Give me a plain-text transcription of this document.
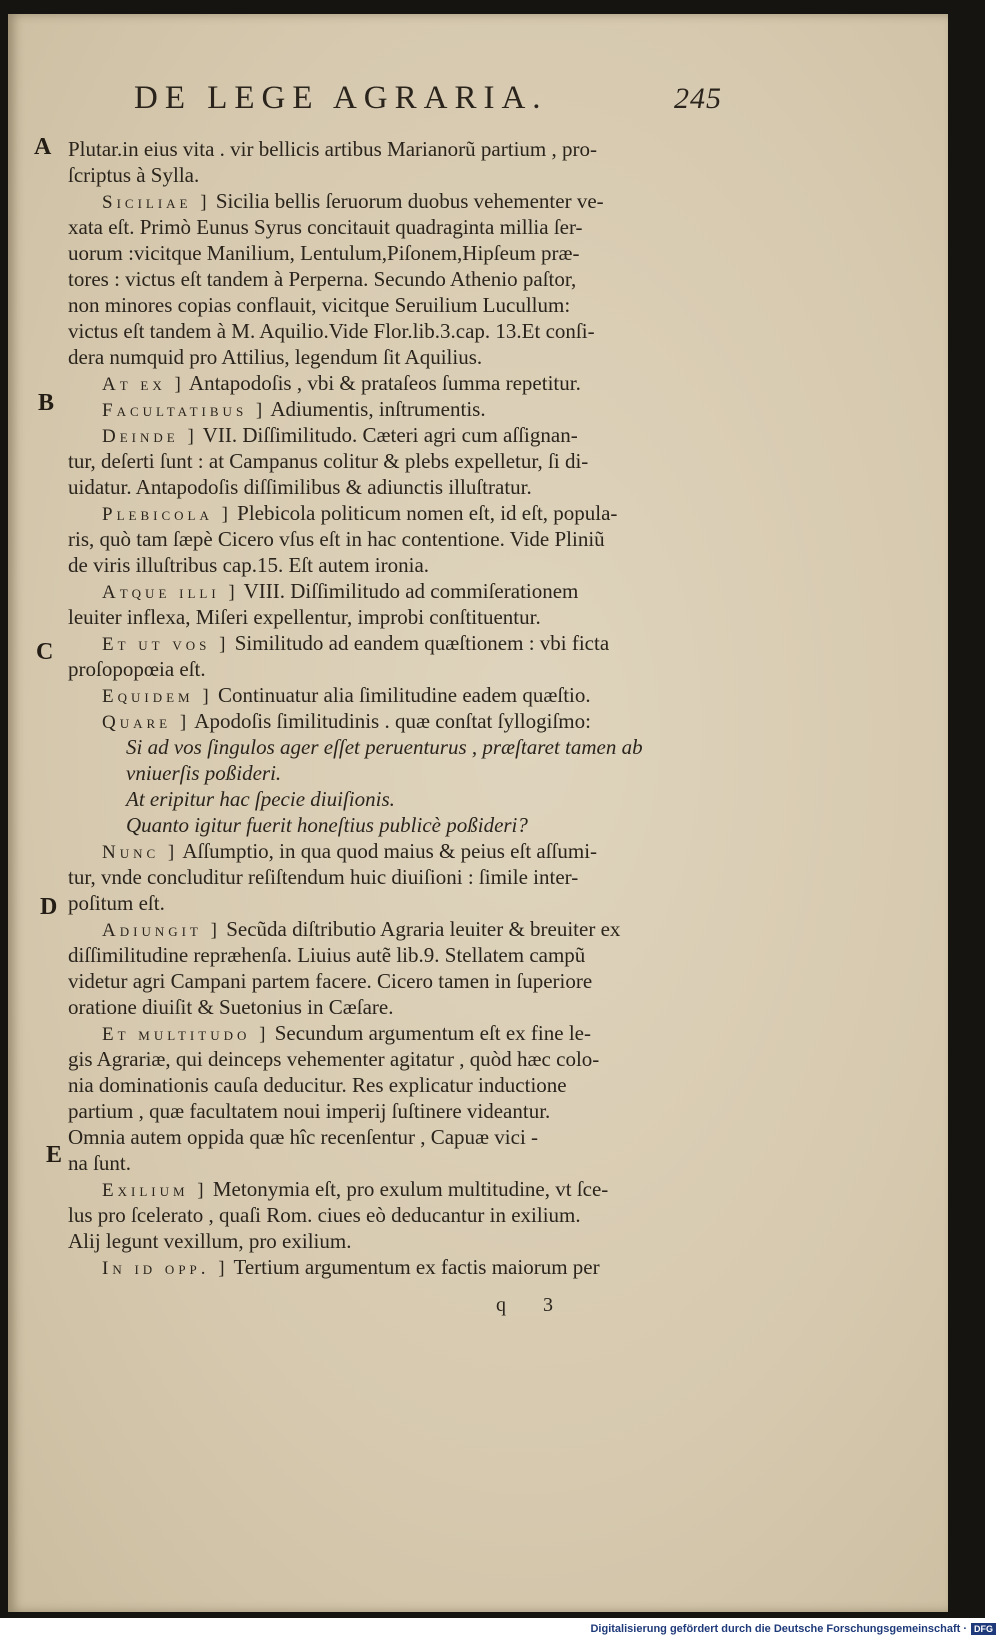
DE LEGE AGRARIA.	245
A
B
C
D
E
Plutar.in eius vita . vir bellicis artibus Marianorũ partium , pro-
ſcriptus à Sylla.
Siciliae ] Sicilia bellis ſeruorum duobus vehementer ve-
xata eſt. Primò Eunus Syrus concitauit quadraginta millia ſer-
uorum :vicitque Manilium, Lentulum,Piſonem,Hipſeum præ-
tores : victus eſt tandem à Perperna. Secundo Athenio paſtor,
non minores copias conflauit, vicitque Seruilium Lucullum:
victus eſt tandem à M. Aquilio.Vide Flor.lib.3.cap. 13.Et conſi-
dera numquid pro Attilius, legendum ſit Aquilius.
At ex ] Antapodoſis , vbi & prataſeos ſumma repetitur.
Facultatibus ] Adiumentis, inſtrumentis.
Deinde ] VII. Diſſimilitudo. Cæteri agri cum aſſignan-
tur, deſerti ſunt : at Campanus colitur & plebs expelletur, ſi di-
uidatur. Antapodoſis diſſimilibus & adiunctis illuſtratur.
Plebicola ] Plebicola politicum nomen eſt, id eſt, popula-
ris, quò tam ſæpè Cicero vſus eſt in hac contentione. Vide Pliniũ
de viris illuſtribus cap.15. Eſt autem ironia.
Atque illi ] VIII. Diſſimilitudo ad commiſerationem
leuiter inflexa, Miſeri expellentur, improbi conſtituentur.
Et ut vos ] Similitudo ad eandem quæſtionem : vbi ficta
proſopopœia eſt.
Equidem ] Continuatur alia ſimilitudine eadem quæſtio.
Quare ] Apodoſis ſimilitudinis . quæ conſtat ſyllogiſmo:
Si ad vos ſingulos ager eſſet peruenturus , præſtaret tamen ab
vniuerſis poßideri.
At eripitur hac ſpecie diuiſionis.
Quanto igitur fuerit honeſtius publicè poßideri?
Nunc ] Aſſumptio, in qua quod maius & peius eſt aſſumi-
tur, vnde concluditur reſiſtendum huic diuiſioni : ſimile inter-
poſitum eſt.
Adiungit ] Secũda diſtributio Agraria leuiter & breuiter ex
diſſimilitudine repræhenſa. Liuius autẽ lib.9. Stellatem campũ
videtur agri Campani partem facere. Cicero tamen in ſuperiore
oratione diuiſit & Suetonius in Cæſare.
Et multitudo ] Secundum argumentum eſt ex fine le-
gis Agrariæ, qui deinceps vehementer agitatur , quòd hæc colo-
nia dominationis cauſa deducitur. Res explicatur inductione
partium , quæ facultatem noui imperij ſuſtinere videantur.
Omnia autem oppida quæ hîc recenſentur , Capuæ vici -
na ſunt.
Exilium ] Metonymia eſt, pro exulum multitudine, vt ſce-
lus pro ſcelerato , quaſi Rom. ciues eò deducantur in exilium.
Alij legunt vexillum, pro exilium.
In id opp. ] Tertium argumentum ex factis maiorum per
q 3
Digitalisierung gefördert durch die Deutsche Forschungsgemeinschaft · DFG
